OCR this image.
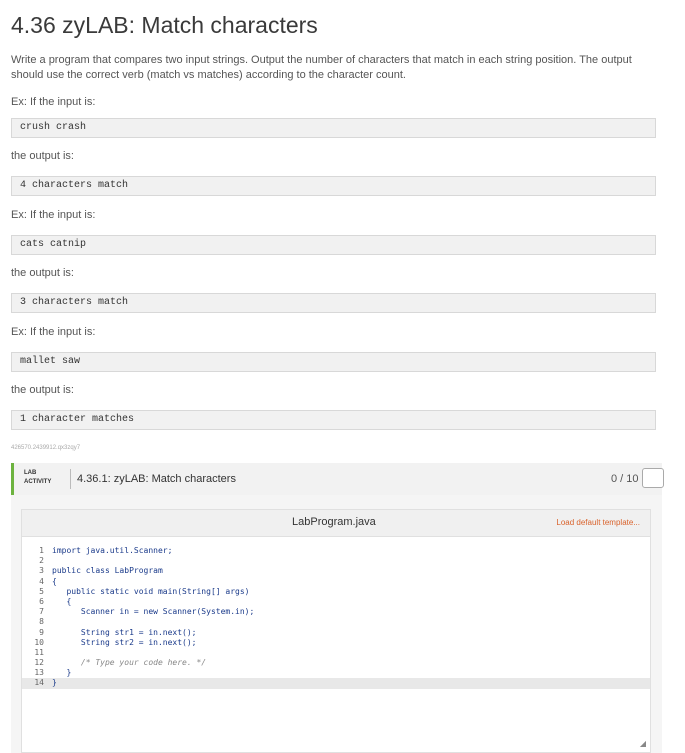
4.36 zyLAB: Match characters
Write a program that compares two input strings. Output the number of characters that match in each string position. The output should use the correct verb (match vs matches) according to the character count.
Ex: If the input is:
crush crash
the output is:
4 characters match
Ex: If the input is:
cats catnip
the output is:
3 characters match
Ex: If the input is:
mallet saw
the output is:
1 character matches
426570.2439912.qx3zqy7
LAB
ACTIVITY 4.36.1: zyLAB: Match characters	0 / 10
LabProgram.java	Load default template...
1 import java.util.Scanner;
2
3 public class LabProgram
4 {
5 public static void main(String[] args)
6 {
7 Scanner in = new Scanner(System.in);
8
9 String str1 = in.next();
10 String str2 = in.next();
11
12 /* Type your code here. */
13 }
14 }
◢
